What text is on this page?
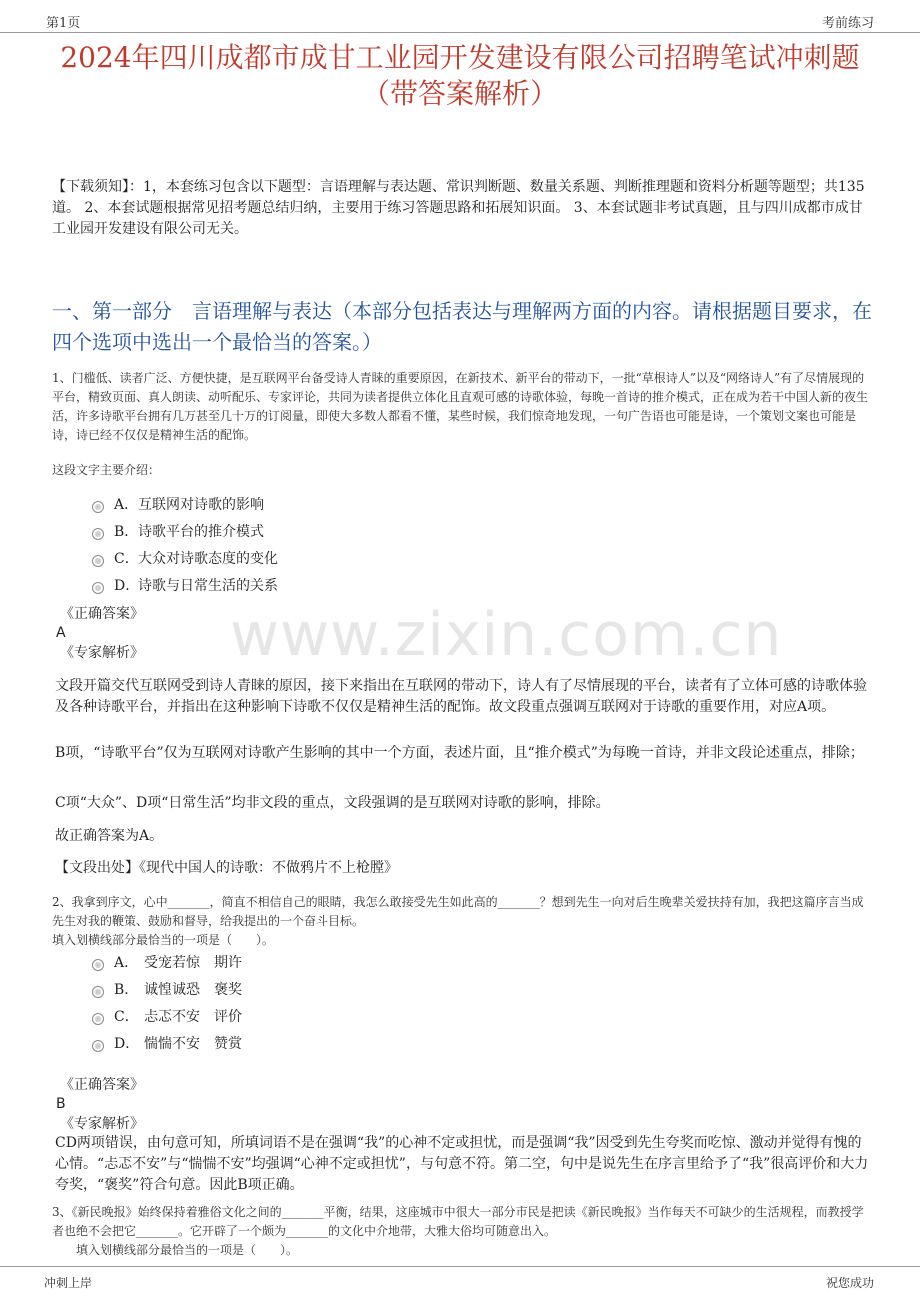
第1页	考前练习
www.zixin.com.cn
2024年四川成都市成甘工业园开发建设有限公司招聘笔试冲刺题（带答案解析）

【下载须知】：1，本套练习包含以下题型：言语理解与表达题、常识判断题、数量关系题、判断推理题和资料分析题等题型；共135道。 2、本套试题根据常见招考题总结归纳，主要用于练习答题思路和拓展知识面。 3、本套试题非考试真题，且与四川成都市成甘工业园开发建设有限公司无关。

一、第一部分　言语理解与表达（本部分包括表达与理解两方面的内容。请根据题目要求，在四个选项中选出一个最恰当的答案。）

1、门槛低、读者广泛、方便快捷，是互联网平台备受诗人青睐的重要原因，在新技术、新平台的带动下，一批“草根诗人”以及“网络诗人”有了尽情展现的平台，精致页面、真人朗读、动听配乐、专家评论，共同为读者提供立体化且直观可感的诗歌体验，每晚一首诗的推介模式，正在成为若干中国人新的夜生活，许多诗歌平台拥有几万甚至几十万的订阅量，即使大多数人都看不懂，某些时候，我们惊奇地发现，一句广告语也可能是诗，一个策划文案也可能是诗，诗已经不仅仅是精神生活的配饰。

这段文字主要介绍：

A． 互联网对诗歌的影响
B． 诗歌平台的推介模式
C． 大众对诗歌态度的变化
D．
诗歌与日常生活的关系

《正确答案》

A

《专家解析》

文段开篇交代互联网受到诗人青睐的原因，接下来指出在互联网的带动下，诗人有了尽情展现的平台，读者有了立体可感的诗歌体验及各种诗歌平台，并指出在这种影响下诗歌不仅仅是精神生活的配饰。故文段重点强调互联网对于诗歌的重要作用，对应A项。

B项，“诗歌平台”仅为互联网对诗歌产生影响的其中一个方面，表述片面，且“推介模式”为每晚一首诗，并非文段论述重点，排除；

C项“大众”、D项“日常生活”均非文段的重点，文段强调的是互联网对诗歌的影响，排除。

故正确答案为A。

【文段出处】《现代中国人的诗歌：不做鸦片不上枪膛》

2、我拿到序文，心中_______，简直不相信自己的眼睛，我怎么敢接受先生如此高的_______？想到先生一向对后生晚辈关爱扶持有加，我把这篇序言当成先生对我的鞭策、鼓励和督导，给我提出的一个奋斗目标。

填入划横线部分最恰当的一项是（　　）。

A． 受宠若惊　期许
B． 诚惶诚恐　褒奖
C． 忐忑不安　评价
D． 惴惴不安　赞赏

《正确答案》

B

《专家解析》

CD两项错误，由句意可知，所填词语不是在强调“我”的心神不定或担忧，而是强调“我”因受到先生夸奖而吃惊、激动并觉得有愧的心情。“忐忑不安”与“惴惴不安”均强调“心神不定或担忧”，与句意不符。第二空，句中是说先生在序言里给予了“我”很高评价和大力夸奖，“褒奖”符合句意。因此B项正确。

3、《新民晚报》始终保持着雅俗文化之间的_______平衡，结果，这座城市中很大一部分市民是把读《新民晚报》当作每天不可缺少的生活规程，而教授学者也绝不会把它_______。它开辟了一个颇为_______的文化中介地带，大雅大俗均可随意出入。

填入划横线部分最恰当的一项是（　　）。

冲刺上岸	祝您成功
